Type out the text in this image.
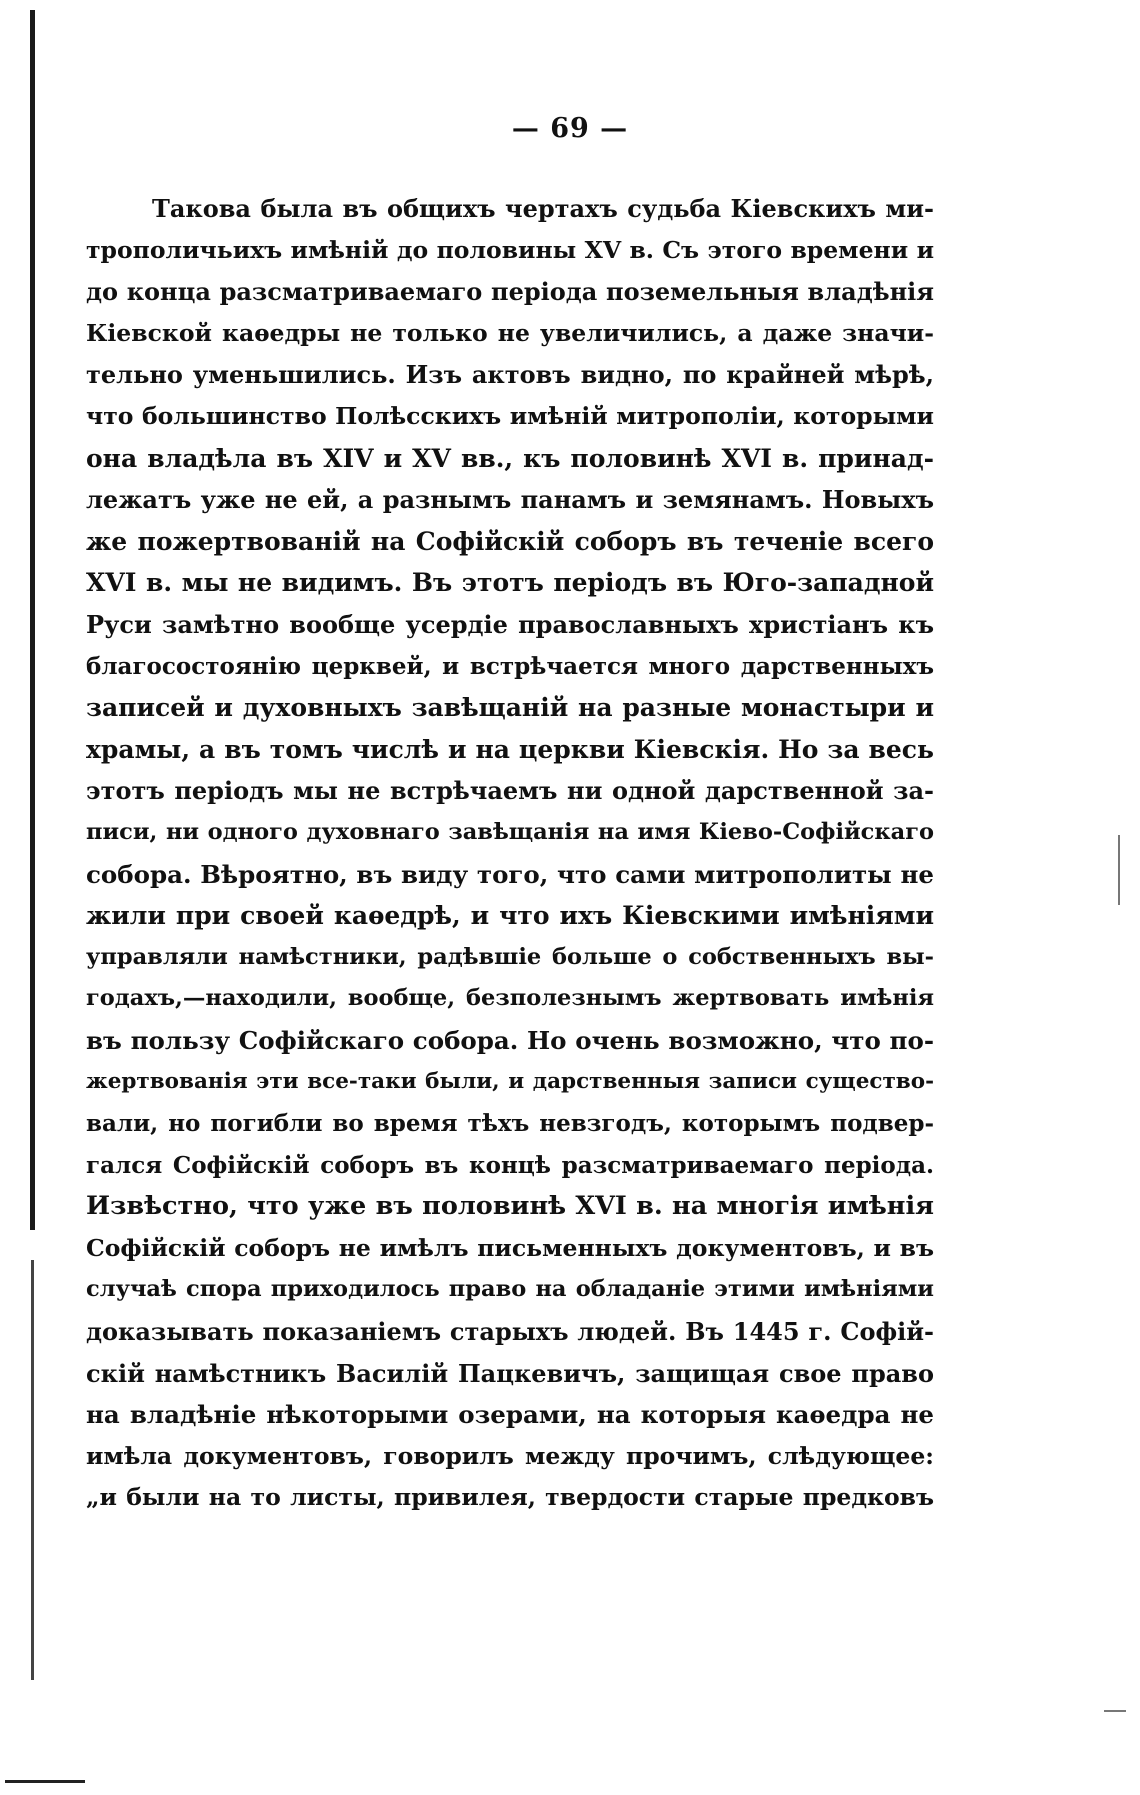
— 69 —
Такова была въ общихъ чертахъ судьба Кіевскихъ ми-
трополичьихъ имѣній до половины XV в. Съ этого времени и
до конца разсматриваемаго періода поземельныя владѣнія
Кіевской каѳедры не только не увеличились, а даже значи-
тельно уменьшились. Изъ актовъ видно, по крайней мѣрѣ,
что большинство Полѣсскихъ имѣній митрополіи, которыми
она владѣла въ XIV и XV вв., къ половинѣ XVI в. принад-
лежатъ уже не ей, а разнымъ панамъ и земянамъ. Новыхъ
же пожертвованій на Софійскій соборъ въ теченіе всего
XVI в. мы не видимъ. Въ этотъ періодъ въ Юго-западной
Руси замѣтно вообще усердіе православныхъ христіанъ къ
благосостоянію церквей, и встрѣчается много дарственныхъ
записей и духовныхъ завѣщаній на разные монастыри и
храмы, а въ томъ числѣ и на церкви Кіевскія. Но за весь
этотъ періодъ мы не встрѣчаемъ ни одной дарственной за-
писи, ни одного духовнаго завѣщанія на имя Кіево-Софійскаго
собора. Вѣроятно, въ виду того, что сами митрополиты не
жили при своей каѳедрѣ, и что ихъ Кіевскими имѣніями
управляли намѣстники, радѣвшіе больше о собственныхъ вы-
годахъ,—находили, вообще, безполезнымъ жертвовать имѣнія
въ пользу Софійскаго собора. Но очень возможно, что по-
жертвованія эти все-таки были, и дарственныя записи существо-
вали, но погибли во время тѣхъ невзгодъ, которымъ подвер-
гался Софійскій соборъ въ концѣ разсматриваемаго періода.
Извѣстно, что уже въ половинѣ XVI в. на многія имѣнія
Софійскій соборъ не имѣлъ письменныхъ документовъ, и въ
случаѣ спора приходилось право на обладаніе этими имѣніями
доказывать показаніемъ старыхъ людей. Въ 1445 г. Софій-
скій намѣстникъ Василій Пацкевичъ, защищая свое право
на владѣніе нѣкоторыми озерами, на которыя каѳедра не
имѣла документовъ, говорилъ между прочимъ, слѣдующее:
„и были на то листы, привилея, твердости старые предковъ
